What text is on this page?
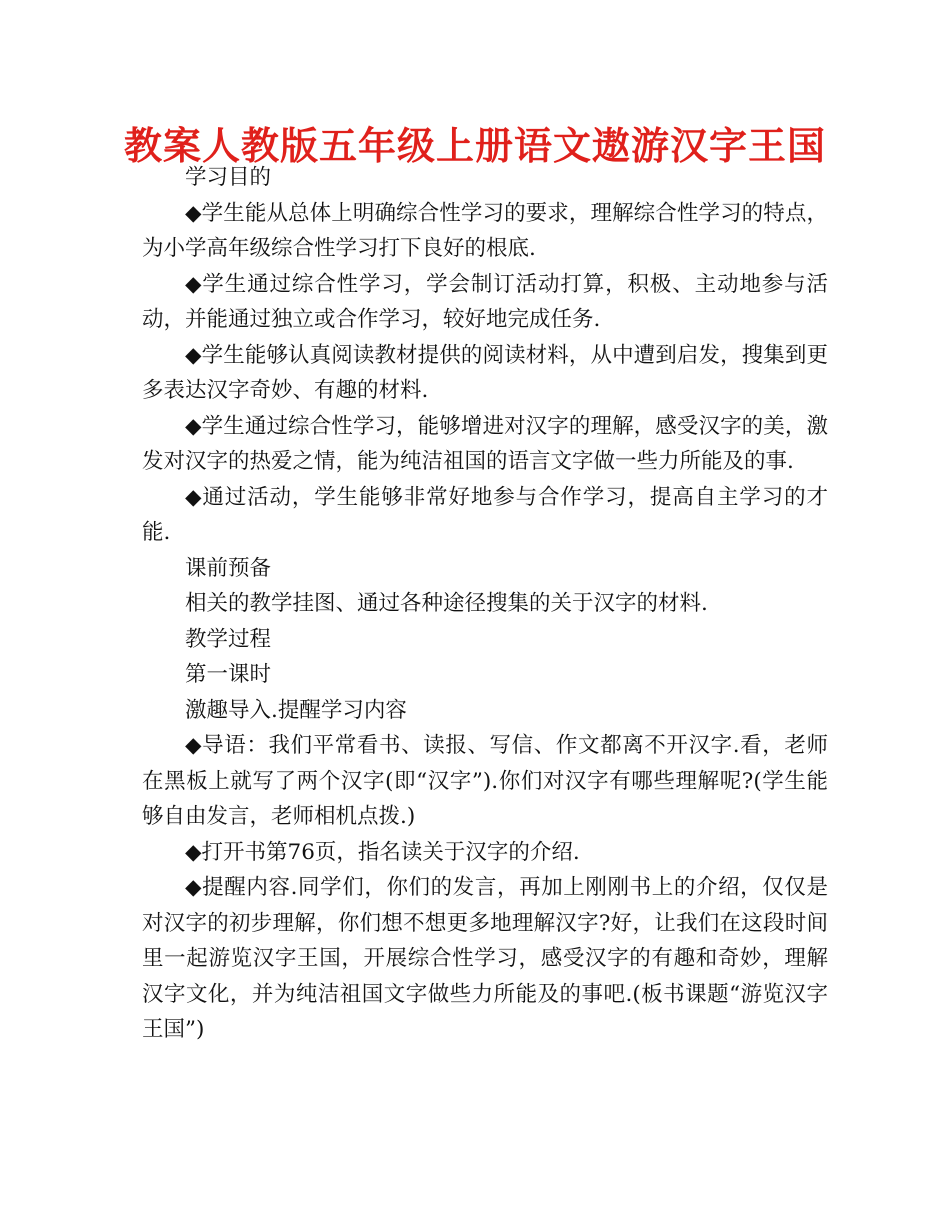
教案人教版五年级上册语文遨游汉字王国

学习目的

◆学生能从总体上明确综合性学习的要求，理解综合性学习的特点，为小学高年级综合性学习打下良好的根底.

◆学生通过综合性学习，学会制订活动打算，积极、主动地参与活动，并能通过独立或合作学习，较好地完成任务.

◆学生能够认真阅读教材提供的阅读材料，从中遭到启发，搜集到更多表达汉字奇妙、有趣的材料.

◆学生通过综合性学习，能够增进对汉字的理解，感受汉字的美，激发对汉字的热爱之情，能为纯洁祖国的语言文字做一些力所能及的事.

◆通过活动，学生能够非常好地参与合作学习，提高自主学习的才能.

课前预备

相关的教学挂图、通过各种途径搜集的关于汉字的材料.

教学过程

第一课时

激趣导入.提醒学习内容

◆导语：我们平常看书、读报、写信、作文都离不开汉字.看，老师在黑板上就写了两个汉字(即“汉字”).你们对汉字有哪些理解呢?(学生能够自由发言，老师相机点拨.)

◆打开书第76页，指名读关于汉字的介绍.

◆提醒内容.同学们，你们的发言，再加上刚刚书上的介绍，仅仅是对汉字的初步理解，你们想不想更多地理解汉字?好，让我们在这段时间里一起游览汉字王国，开展综合性学习，感受汉字的有趣和奇妙，理解汉字文化，并为纯洁祖国文字做些力所能及的事吧.(板书课题“游览汉字王国”)
